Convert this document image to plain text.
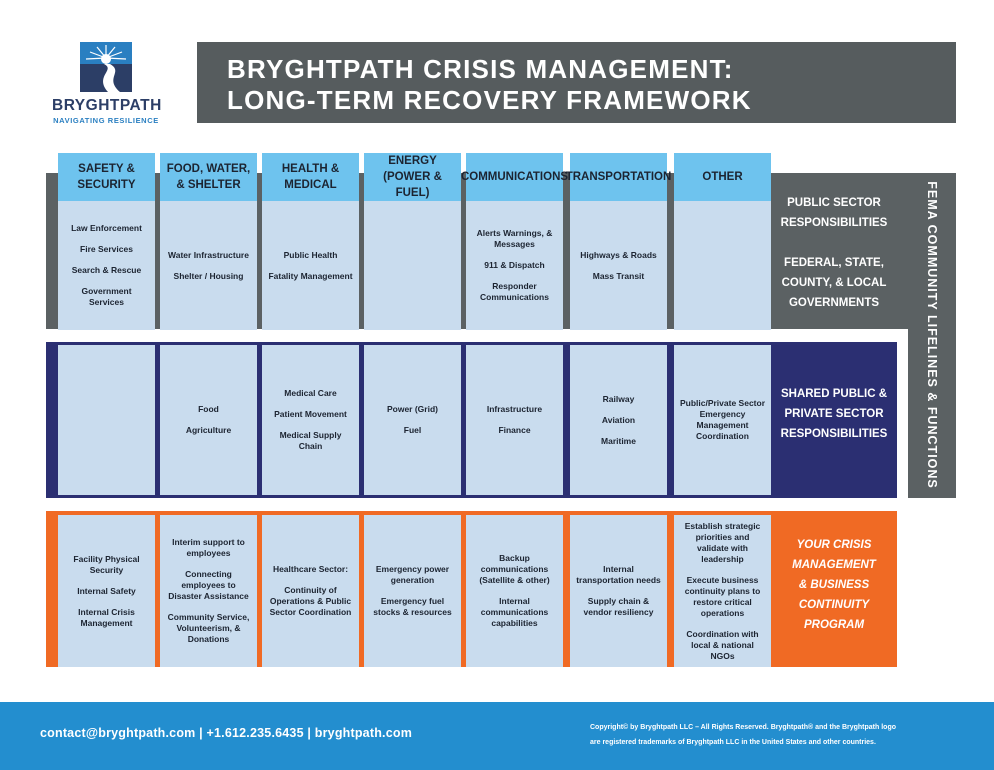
BRYGHTPATH
NAVIGATING RESILIENCE
BRYGHTPATH CRISIS MANAGEMENT:
LONG-TERM RECOVERY FRAMEWORK
PUBLIC SECTOR
RESPONSIBILITIES
FEDERAL, STATE,
COUNTY, & LOCAL
GOVERNMENTS
SHARED PUBLIC &
PRIVATE SECTOR
RESPONSIBILITIES
YOUR CRISIS
MANAGEMENT
& BUSINESS
CONTINUITY
PROGRAM
SAFETY &
SECURITY
Law Enforcement
Fire Services
Search & Rescue
Government Services
Facility Physical Security
Internal Safety
Internal Crisis Management
FOOD, WATER,
& SHELTER
Water Infrastructure
Shelter / Housing
Food
Agriculture
Interim support to employees
Connecting employees to Disaster Assistance
Community Service, Volunteerism, & Donations
HEALTH &
MEDICAL
Public Health
Fatality Management
Medical Care
Patient Movement
Medical Supply Chain
Healthcare Sector:
Continuity of Operations & Public Sector Coordination
ENERGY
(POWER & FUEL)
Power (Grid)
Fuel
Emergency power generation
Emergency fuel stocks & resources
COMMUNICATIONS
Alerts Warnings, & Messages
911 & Dispatch
Responder Communications
Infrastructure
Finance
Backup communications (Satellite & other)
Internal communications capabilities
TRANSPORTATION
Highways & Roads
Mass Transit
Railway
Aviation
Maritime
Internal transportation needs
Supply chain & vendor resiliency
OTHER
Public/Private Sector Emergency Management Coordination
Establish strategic priorities and validate with leadership
Execute business continuity plans to restore critical operations
Coordination with local & national NGOs
FEMA COMMUNITY LIFELINES & FUNCTIONS
contact@bryghtpath.com | +1.612.235.6435 | bryghtpath.com	Copyright© by Bryghtpath LLC – All Rights Reserved. Bryghtpath® and the Bryghtpath logo
are registered trademarks of Bryghtpath LLC in the United States and other countries.
